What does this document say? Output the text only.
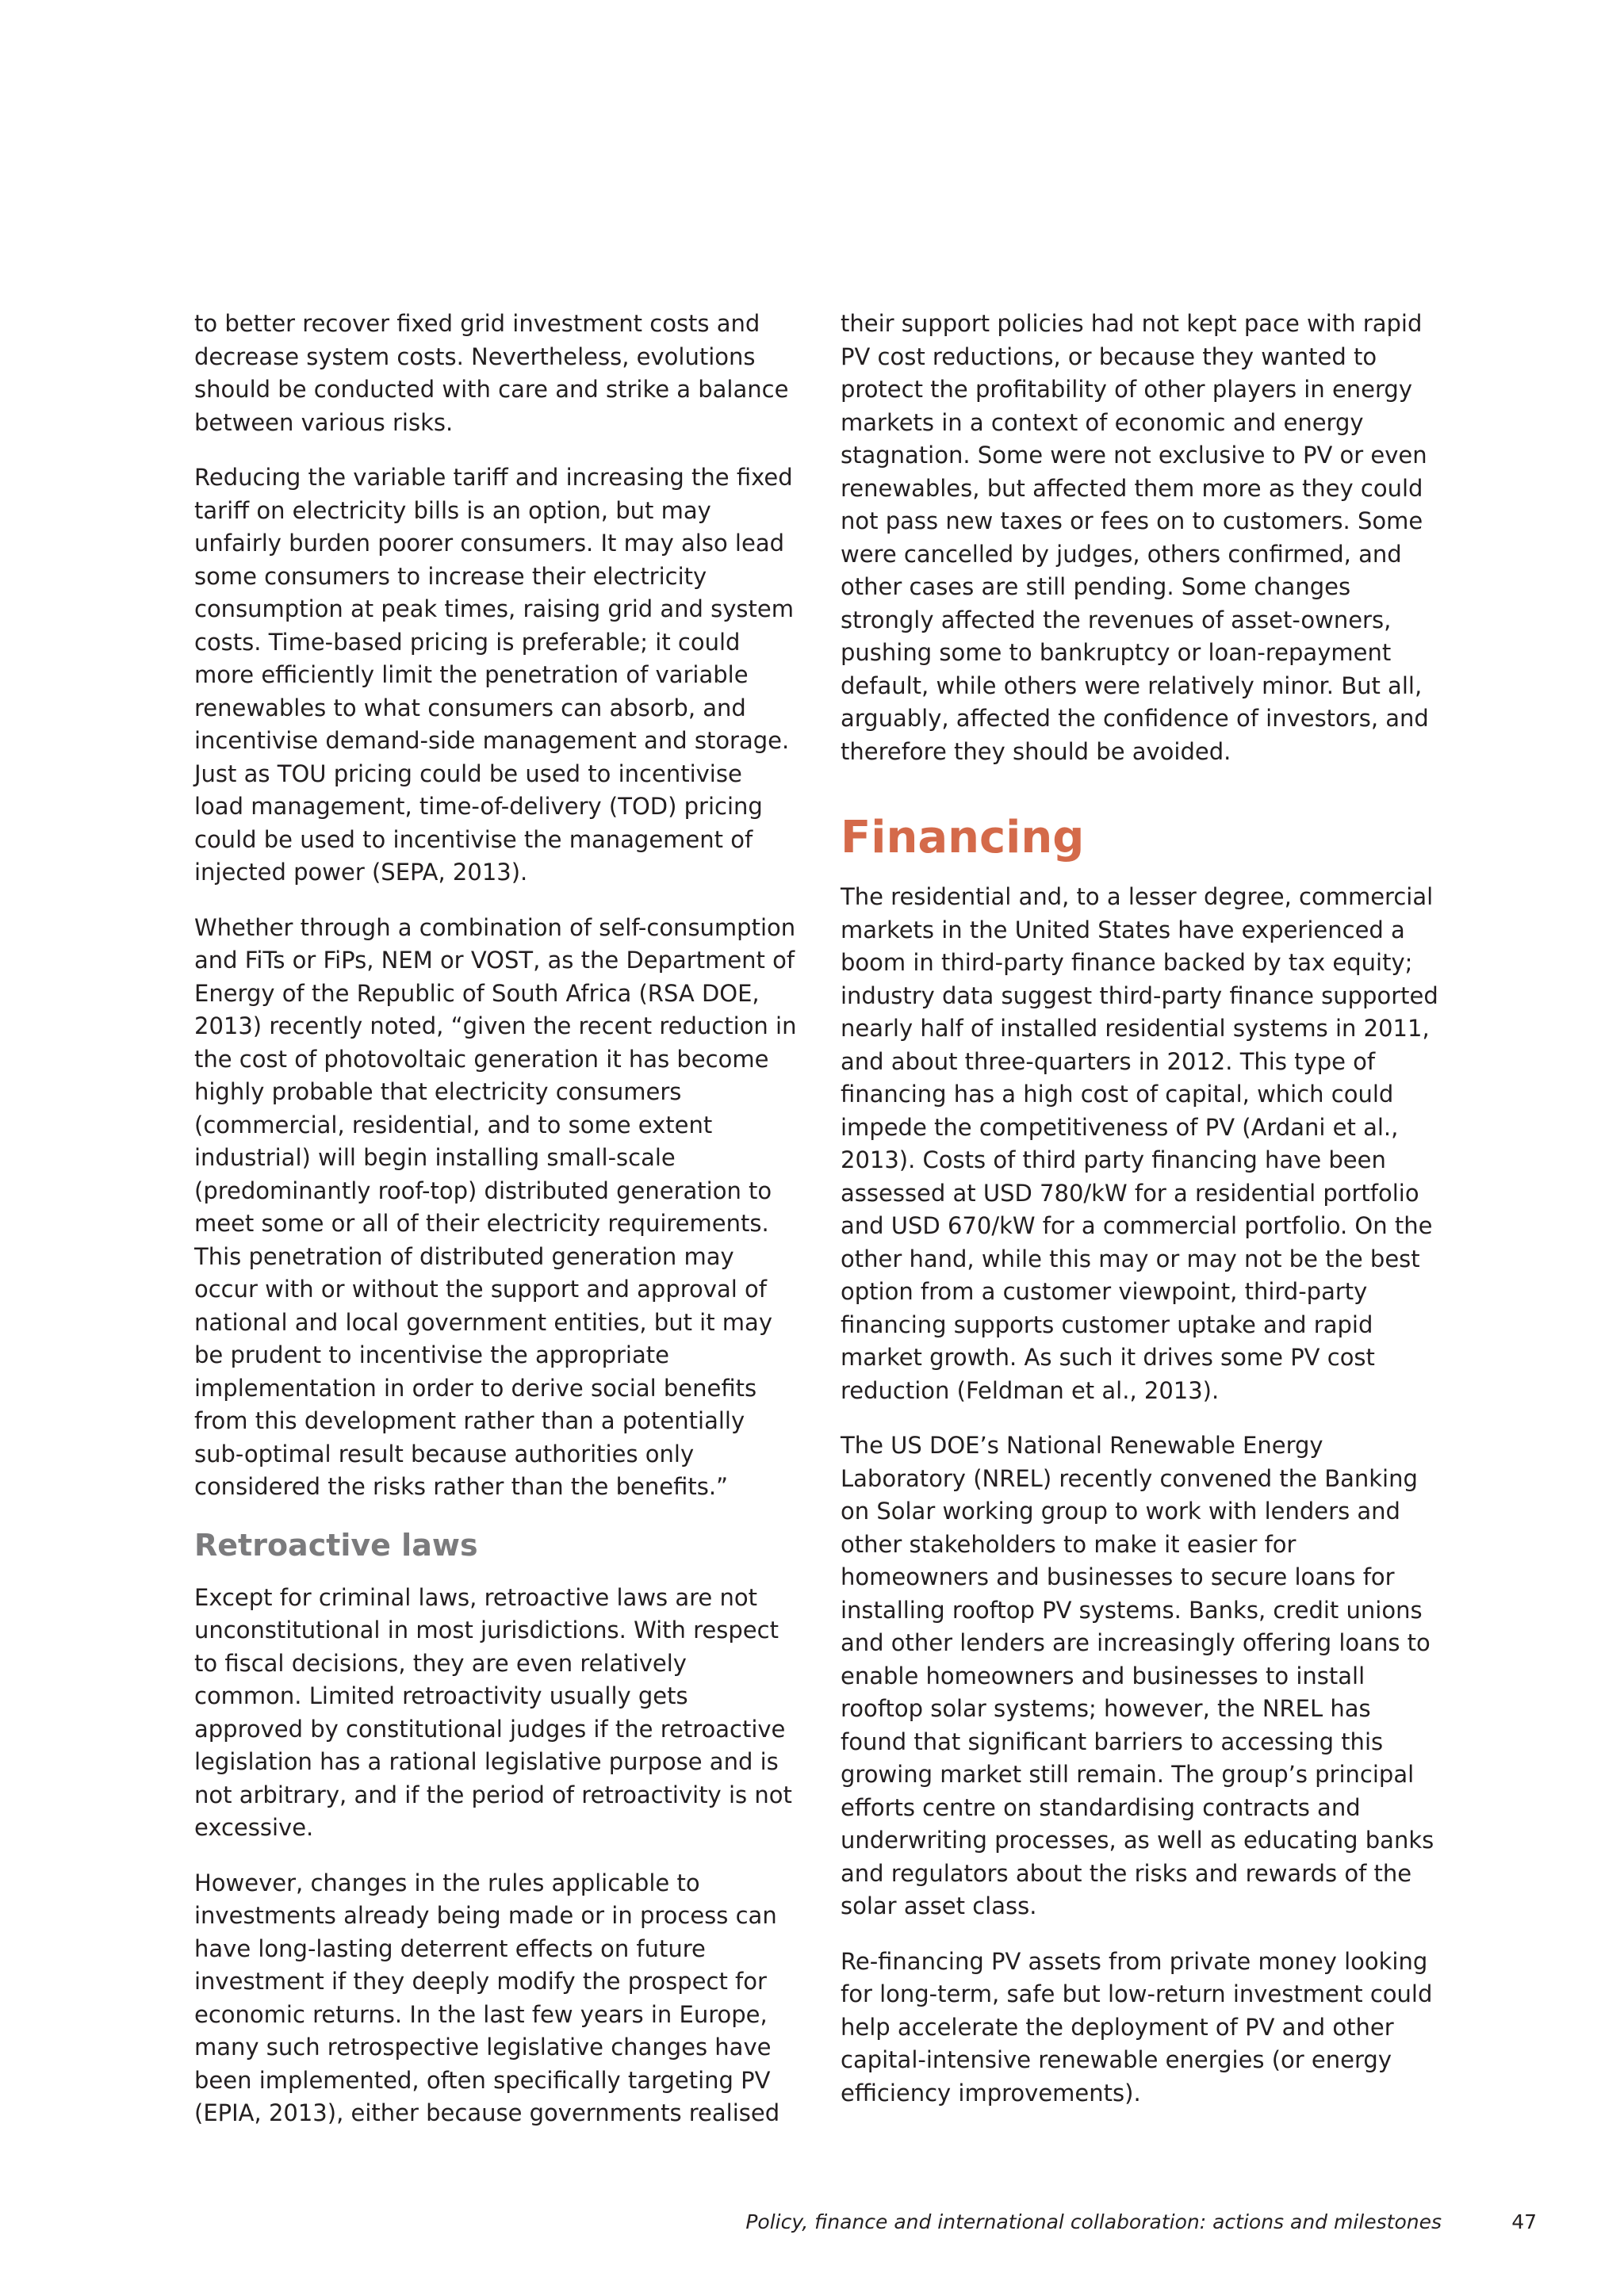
to better recover fixed grid investment costs and decrease system costs. Nevertheless, evolutions should be conducted with care and strike a balance between various risks.

Reducing the variable tariff and increasing the fixed tariff on electricity bills is an option, but may unfairly burden poorer consumers. It may also lead some consumers to increase their electricity consumption at peak times, raising grid and system costs. Time-based pricing is preferable; it could more efficiently limit the penetration of variable renewables to what consumers can absorb, and incentivise demand-side management and storage. Just as TOU pricing could be used to incentivise load management, time-of-delivery (TOD) pricing could be used to incentivise the management of injected power (SEPA, 2013).

Whether through a combination of self-consumption and FiTs or FiPs, NEM or VOST, as the Department of Energy of the Republic of South Africa (RSA DOE, 2013) recently noted, “given the recent reduction in the cost of photovoltaic generation it has become highly probable that electricity consumers (commercial, residential, and to some extent industrial) will begin installing small-scale (predominantly roof-top) distributed generation to meet some or all of their electricity requirements. This penetration of distributed generation may occur with or without the support and approval of national and local government entities, but it may be prudent to incentivise the appropriate implementation in order to derive social benefits from this development rather than a potentially sub-optimal result because authorities only considered the risks rather than the benefits.”

Retroactive laws

Except for criminal laws, retroactive laws are not unconstitutional in most jurisdictions. With respect to fiscal decisions, they are even relatively common. Limited retroactivity usually gets approved by constitutional judges if the retroactive legislation has a rational legislative purpose and is not arbitrary, and if the period of retroactivity is not excessive.

However, changes in the rules applicable to investments already being made or in process can have long-lasting deterrent effects on future investment if they deeply modify the prospect for economic returns. In the last few years in Europe, many such retrospective legislative changes have been implemented, often specifically targeting PV (EPIA, 2013), either because governments realised

their support policies had not kept pace with rapid PV cost reductions, or because they wanted to protect the profitability of other players in energy markets in a context of economic and energy stagnation. Some were not exclusive to PV or even renewables, but affected them more as they could not pass new taxes or fees on to customers. Some were cancelled by judges, others confirmed, and other cases are still pending. Some changes strongly affected the revenues of asset-owners, pushing some to bankruptcy or loan-repayment default, while others were relatively minor. But all, arguably, affected the confidence of investors, and therefore they should be avoided.

Financing

The residential and, to a lesser degree, commercial markets in the United States have experienced a boom in third-party finance backed by tax equity; industry data suggest third-party finance supported nearly half of installed residential systems in 2011, and about three-quarters in 2012. This type of financing has a high cost of capital, which could impede the competitiveness of PV (Ardani et al., 2013). Costs of third party financing have been assessed at USD 780/kW for a residential portfolio and USD 670/kW for a commercial portfolio. On the other hand, while this may or may not be the best option from a customer viewpoint, third-party financing supports customer uptake and rapid market growth. As such it drives some PV cost reduction (Feldman et al., 2013).

The US DOE’s National Renewable Energy Laboratory (NREL) recently convened the Banking on Solar working group to work with lenders and other stakeholders to make it easier for homeowners and businesses to secure loans for installing rooftop PV systems. Banks, credit unions and other lenders are increasingly offering loans to enable homeowners and businesses to install rooftop solar systems; however, the NREL has found that significant barriers to accessing this growing market still remain. The group’s principal efforts centre on standardising contracts and underwriting processes, as well as educating banks and regulators about the risks and rewards of the solar asset class.

Re-financing PV assets from private money looking for long-term, safe but low-return investment could help accelerate the deployment of PV and other capital-intensive renewable energies (or energy efficiency improvements).

Policy, finance and international collaboration: actions and milestones	47
